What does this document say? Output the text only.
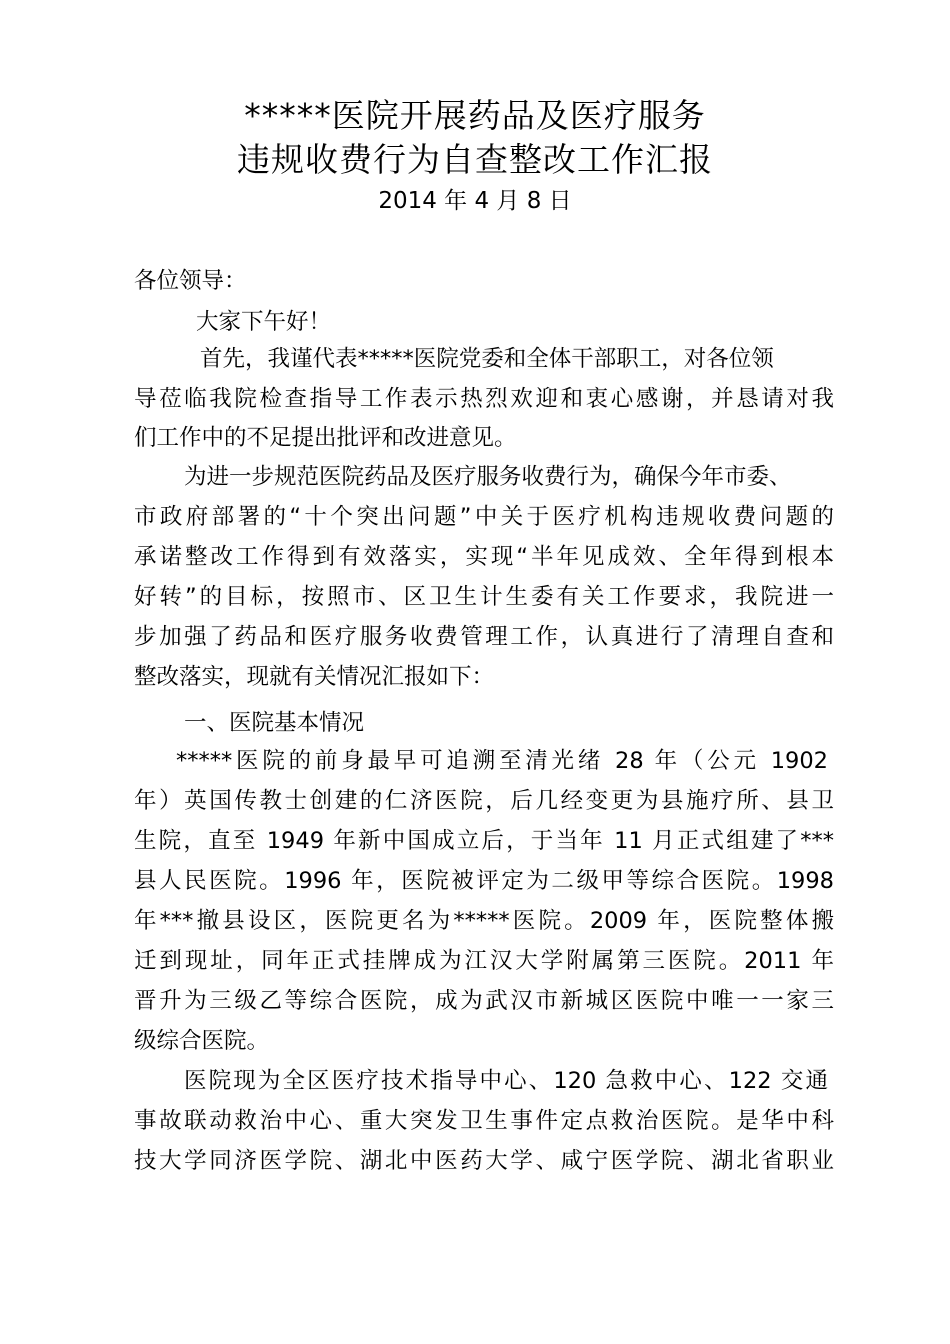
*****医院开展药品及医疗服务
违规收费行为自查整改工作汇报
2014 年 4 月 8 日
各位领导：
大家下午好！
首先，我谨代表*****医院党委和全体干部职工，对各位领
导莅临我院检查指导工作表示热烈欢迎和衷心感谢，并恳请对我
们工作中的不足提出批评和改进意见。
为进一步规范医院药品及医疗服务收费行为，确保今年市委、
市政府部署的“十个突出问题”中关于医疗机构违规收费问题的
承诺整改工作得到有效落实，实现“半年见成效、全年得到根本
好转”的目标，按照市、区卫生计生委有关工作要求，我院进一
步加强了药品和医疗服务收费管理工作，认真进行了清理自查和
整改落实，现就有关情况汇报如下：
一、医院基本情况
*****医院的前身最早可追溯至清光绪 28 年（公元 1902
年）英国传教士创建的仁济医院，后几经变更为县施疗所、县卫
生院，直至 1949 年新中国成立后，于当年 11 月正式组建了***
县人民医院。1996 年，医院被评定为二级甲等综合医院。1998
年***撤县设区，医院更名为*****医院。2009 年，医院整体搬
迁到现址，同年正式挂牌成为江汉大学附属第三医院。2011 年
晋升为三级乙等综合医院，成为武汉市新城区医院中唯一一家三
级综合医院。
医院现为全区医疗技术指导中心、120 急救中心、122 交通
事故联动救治中心、重大突发卫生事件定点救治医院。是华中科
技大学同济医学院、湖北中医药大学、咸宁医学院、湖北省职业
